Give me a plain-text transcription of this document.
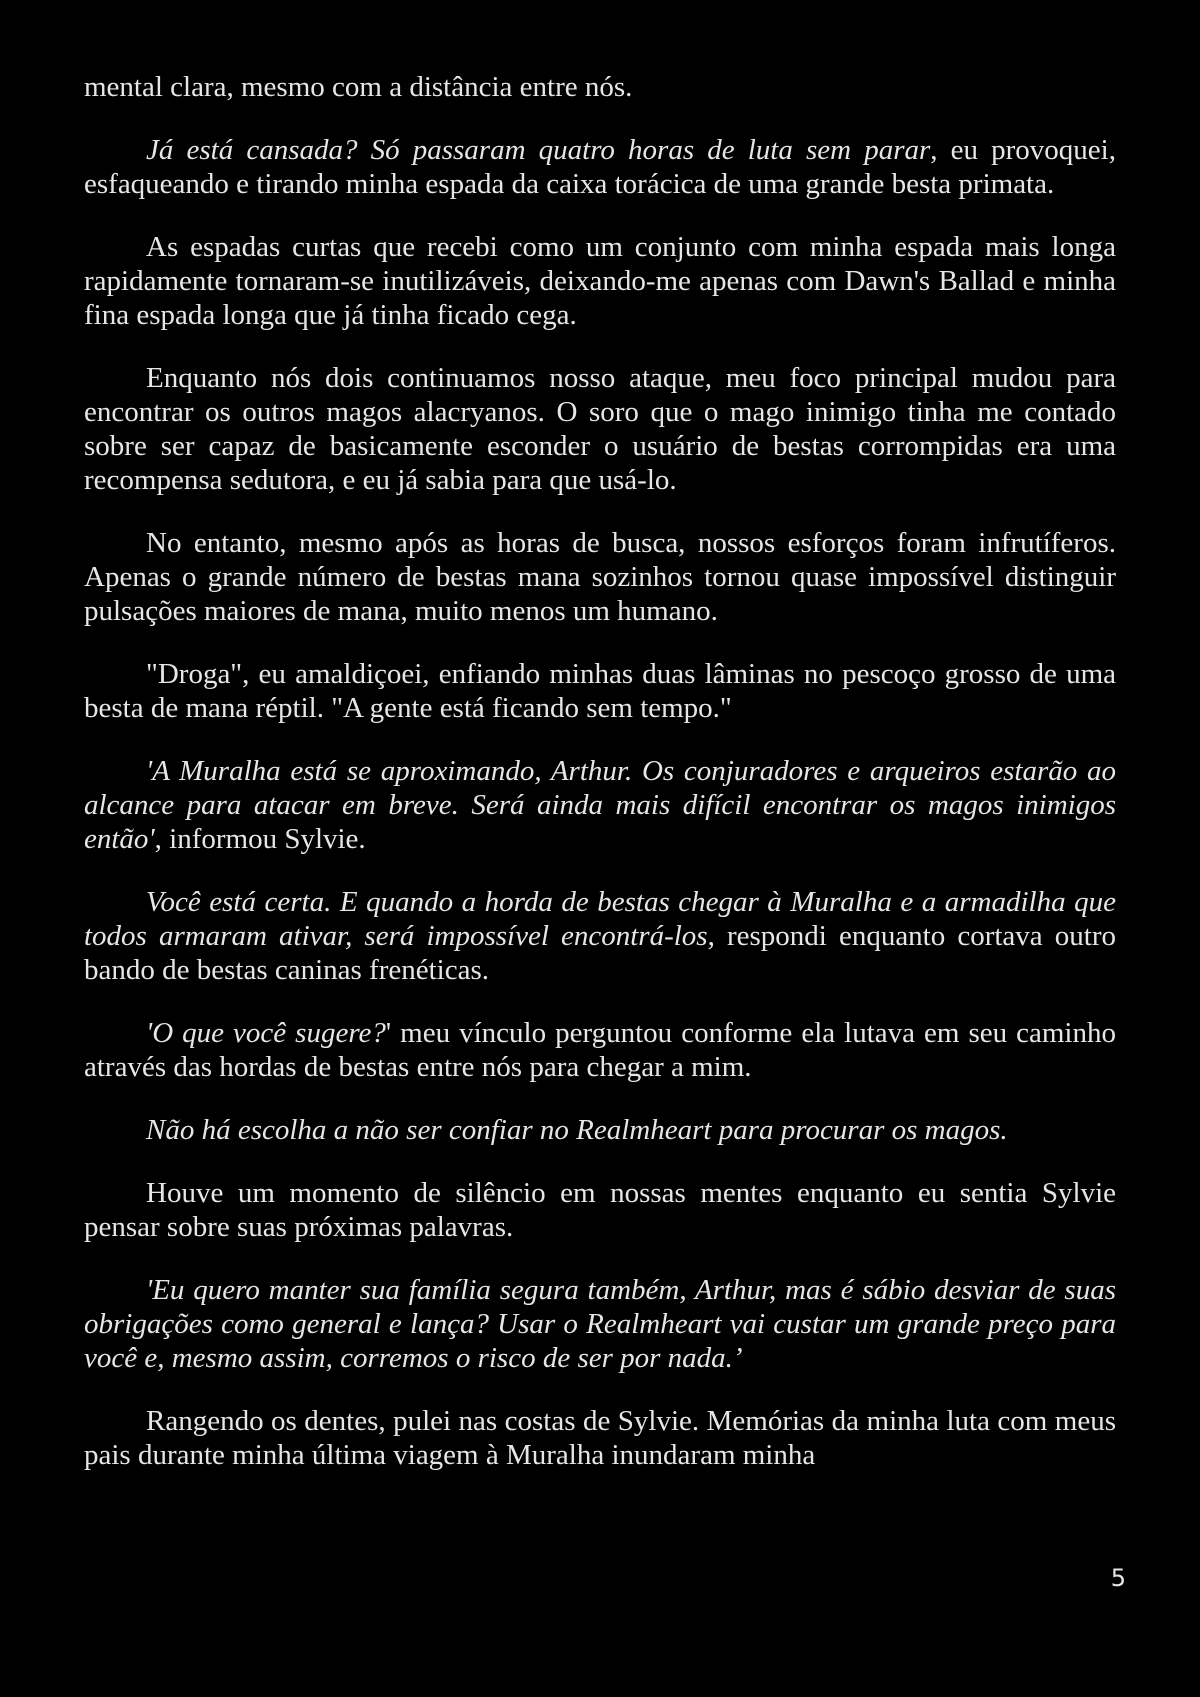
mental clara, mesmo com a distância entre nós.

Já está cansada? Só passaram quatro horas de luta sem parar, eu provoquei, esfaqueando e tirando minha espada da caixa torácica de uma grande besta primata.

As espadas curtas que recebi como um conjunto com minha espada mais longa rapidamente tornaram-se inutilizáveis, deixando-me apenas com Dawn's Ballad e minha fina espada longa que já tinha ficado cega.

Enquanto nós dois continuamos nosso ataque, meu foco principal mudou para encontrar os outros magos alacryanos. O soro que o mago inimigo tinha me contado sobre ser capaz de basicamente esconder o usuário de bestas corrompidas era uma recompensa sedutora, e eu já sabia para que usá-lo.

No entanto, mesmo após as horas de busca, nossos esforços foram infrutíferos. Apenas o grande número de bestas mana sozinhos tornou quase impossível distinguir pulsações maiores de mana, muito menos um humano.

"Droga", eu amaldiçoei, enfiando minhas duas lâminas no pescoço grosso de uma besta de mana réptil. "A gente está ficando sem tempo."

'A Muralha está se aproximando, Arthur. Os conjuradores e arqueiros estarão ao alcance para atacar em breve. Será ainda mais difícil encontrar os magos inimigos então', informou Sylvie.

Você está certa. E quando a horda de bestas chegar à Muralha e a armadilha que todos armaram ativar, será impossível encontrá-los, respondi enquanto cortava outro bando de bestas caninas frenéticas.

'O que você sugere?' meu vínculo perguntou conforme ela lutava em seu caminho através das hordas de bestas entre nós para chegar a mim.

Não há escolha a não ser confiar no Realmheart para procurar os magos.

Houve um momento de silêncio em nossas mentes enquanto eu sentia Sylvie pensar sobre suas próximas palavras.

'Eu quero manter sua família segura também, Arthur, mas é sábio desviar de suas obrigações como general e lança? Usar o Realmheart vai custar um grande preço para você e, mesmo assim, corremos o risco de ser por nada.’

Rangendo os dentes, pulei nas costas de Sylvie. Memórias da minha luta com meus pais durante minha última viagem à Muralha inundaram minha

5
